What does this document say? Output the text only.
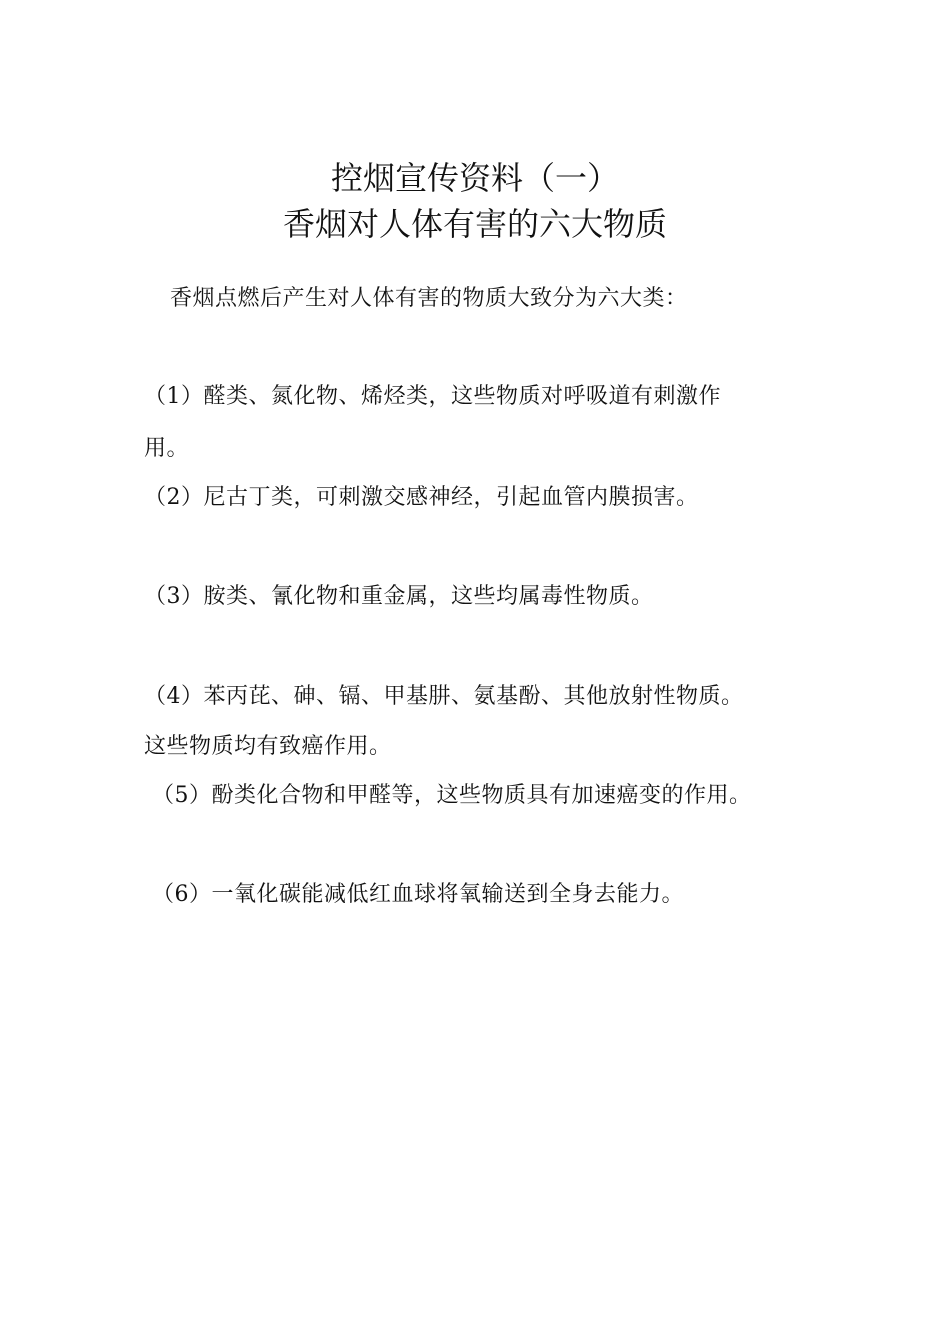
控烟宣传资料（一）
香烟对人体有害的六大物质
香烟点燃后产生对人体有害的物质大致分为六大类：
（1）醛类、氮化物、烯烃类，这些物质对呼吸道有刺激作
用。
（2）尼古丁类，可刺激交感神经，引起血管内膜损害。
（3）胺类、氰化物和重金属，这些均属毒性物质。
（4）苯丙芘、砷、镉、甲基肼、氨基酚、其他放射性物质。
这些物质均有致癌作用。
（5）酚类化合物和甲醛等，这些物质具有加速癌变的作用。
（6）一氧化碳能减低红血球将氧输送到全身去能力。
